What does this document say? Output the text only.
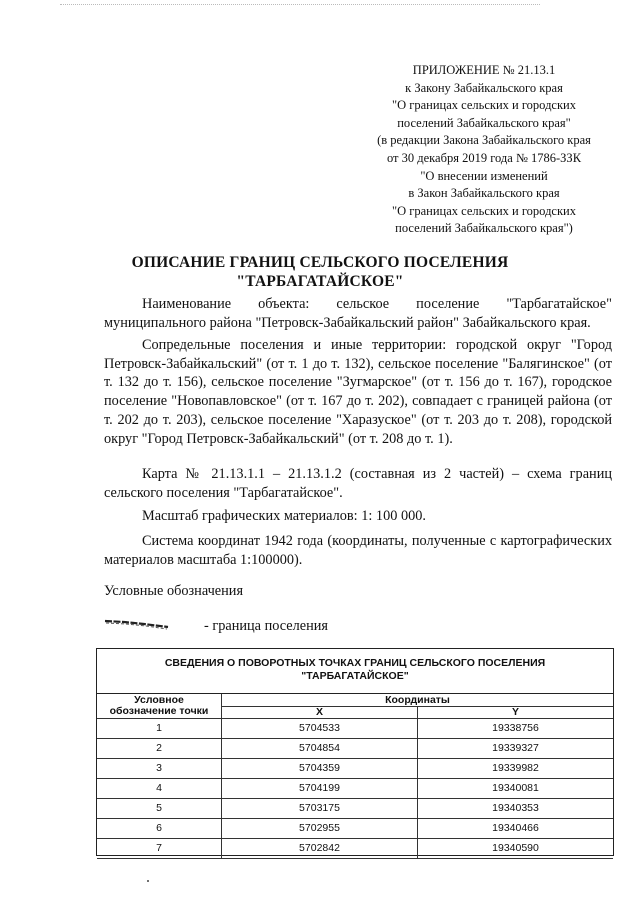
ПРИЛОЖЕНИЕ № 21.13.1
к Закону Забайкальского края
"О границах сельских и городских
поселений Забайкальского края"
(в редакции Закона Забайкальского края
от 30 декабря 2019 года № 1786-ЗЗК
"О внесении изменений
в Закон Забайкальского края
"О границах сельских и городских
поселений Забайкальского края")
ОПИСАНИЕ ГРАНИЦ СЕЛЬСКОГО ПОСЕЛЕНИЯ
"ТАРБАГАТАЙСКОЕ"

Наименование объекта: сельское поселение "Тарбагатайское" муниципального района "Петровск-Забайкальский район" Забайкальского края.

Сопредельные поселения и иные территории: городской округ "Город Петровск-Забайкальский" (от т. 1 до т. 132), сельское поселение "Балягинское" (от т. 132 до т. 156), сельское поселение "Зугмарское" (от т. 156 до т. 167), городское поселение "Новопавловское" (от т. 167 до т. 202), совпадает с границей района (от т. 202 до т. 203), сельское поселение "Харазуское" (от т. 203 до т. 208), городской округ "Город Петровск-Забайкальский" (от т. 208 до т. 1).

Карта № 21.13.1.1 – 21.13.1.2 (составная из 2 частей) – схема границ сельского поселения "Тарбагатайское".

Масштаб графических материалов: 1: 100 000.

Система координат 1942 года (координаты, полученные с картографических материалов масштаба 1:100000).

Условные обозначения
- граница поселения
СВЕДЕНИЯ О ПОВОРОТНЫХ ТОЧКАХ ГРАНИЦ СЕЛЬСКОГО ПОСЕЛЕНИЯ
"ТАРБАГАТАЙСКОЕ"
Условное
обозначение точки	Координаты	
	X	Y
1	5704533	19338756
2	5704854	19339327
3	5704359	19339982
4	5704199	19340081
5	5703175	19340353
6	5702955	19340466
7	5702842	19340590
